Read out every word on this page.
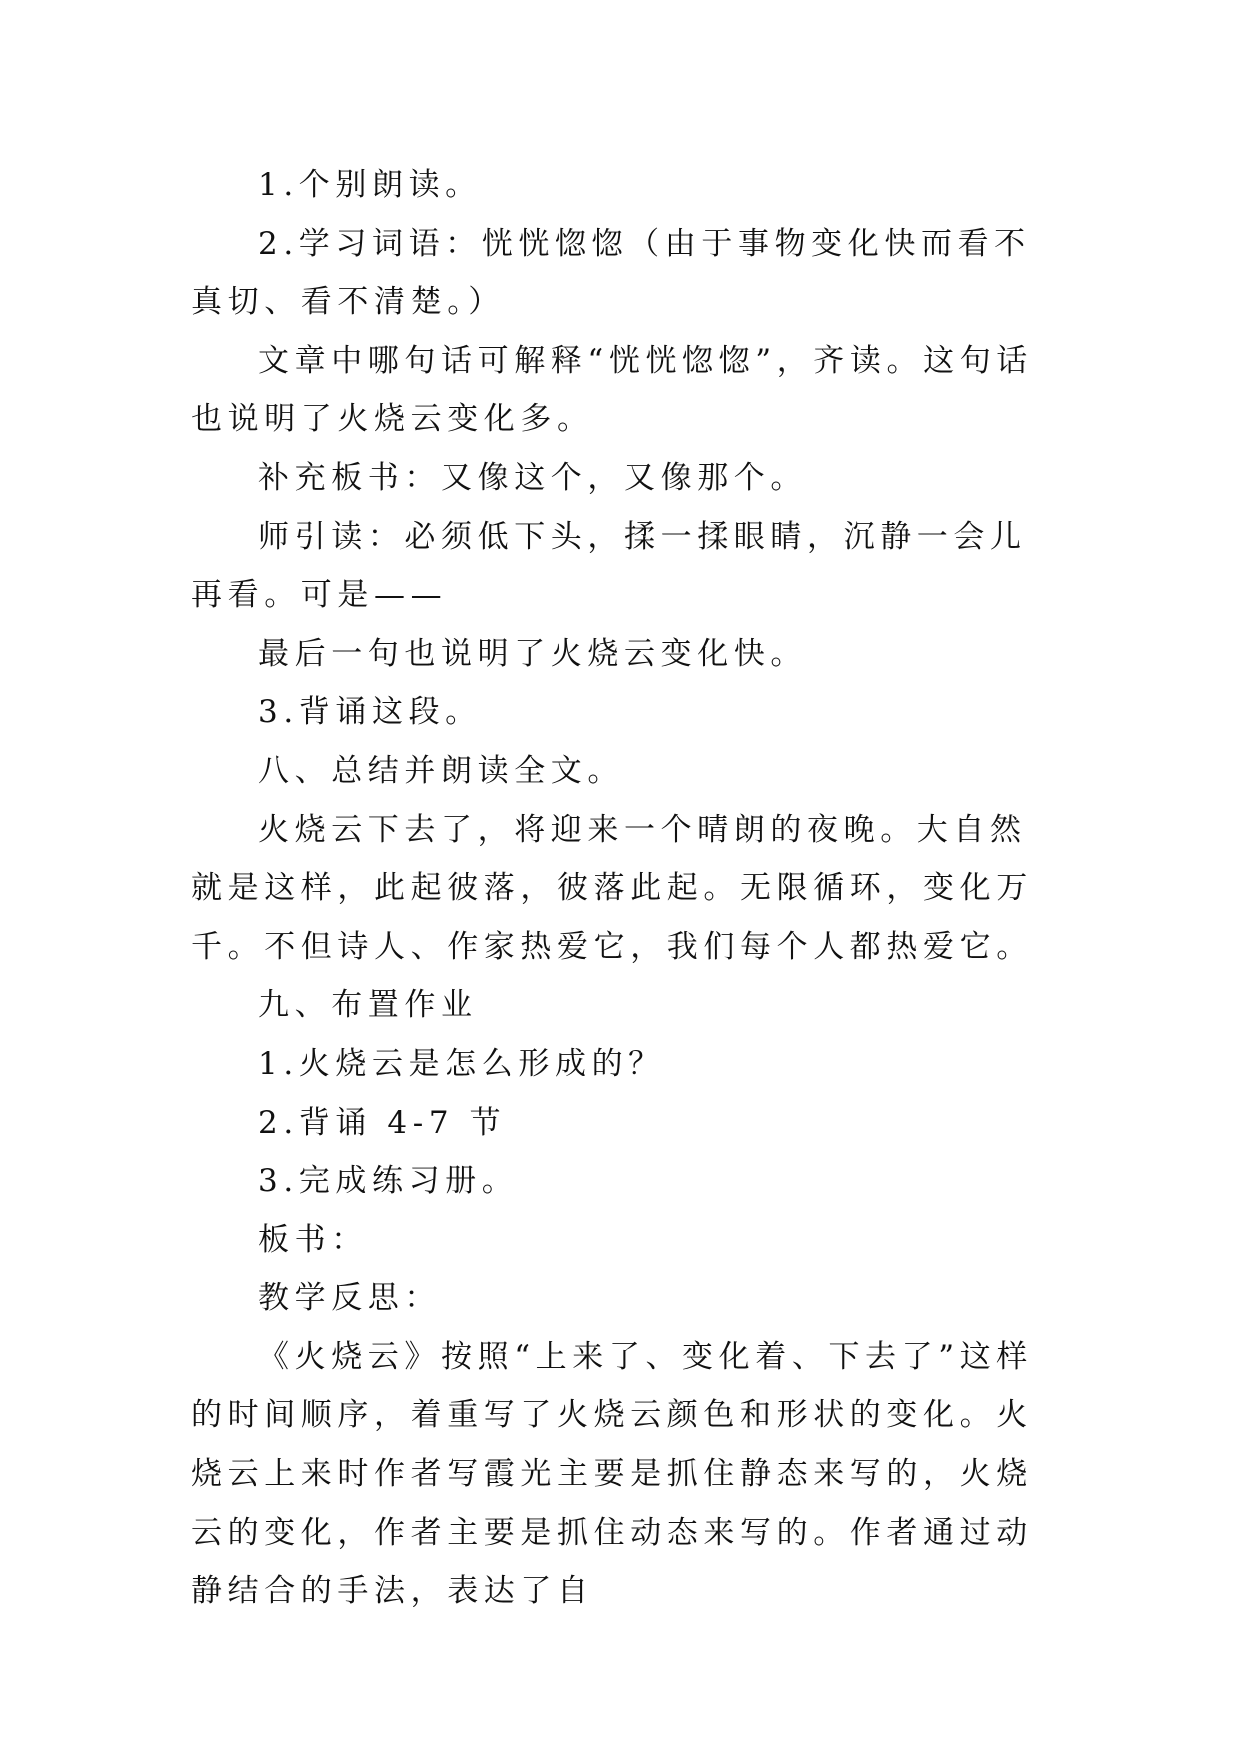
1.个别朗读。

2.学习词语：恍恍惚惚（由于事物变化快而看不真切、看不清楚。）

文章中哪句话可解释“恍恍惚惚”，齐读。这句话也说明了火烧云变化多。

补充板书：又像这个，又像那个。

师引读：必须低下头，揉一揉眼睛，沉静一会儿再看。可是——

最后一句也说明了火烧云变化快。

3.背诵这段。

八、总结并朗读全文。

火烧云下去了，将迎来一个晴朗的夜晚。大自然就是这样，此起彼落，彼落此起。无限循环，变化万千。不但诗人、作家热爱它，我们每个人都热爱它。

九、布置作业

1.火烧云是怎么形成的？

2.背诵 4-7 节

3.完成练习册。

板书：

教学反思：

《火烧云》按照“上来了、变化着、下去了”这样的时间顺序，着重写了火烧云颜色和形状的变化。火烧云上来时作者写霞光主要是抓住静态来写的，火烧云的变化，作者主要是抓住动态来写的。作者通过动静结合的手法，表达了自
